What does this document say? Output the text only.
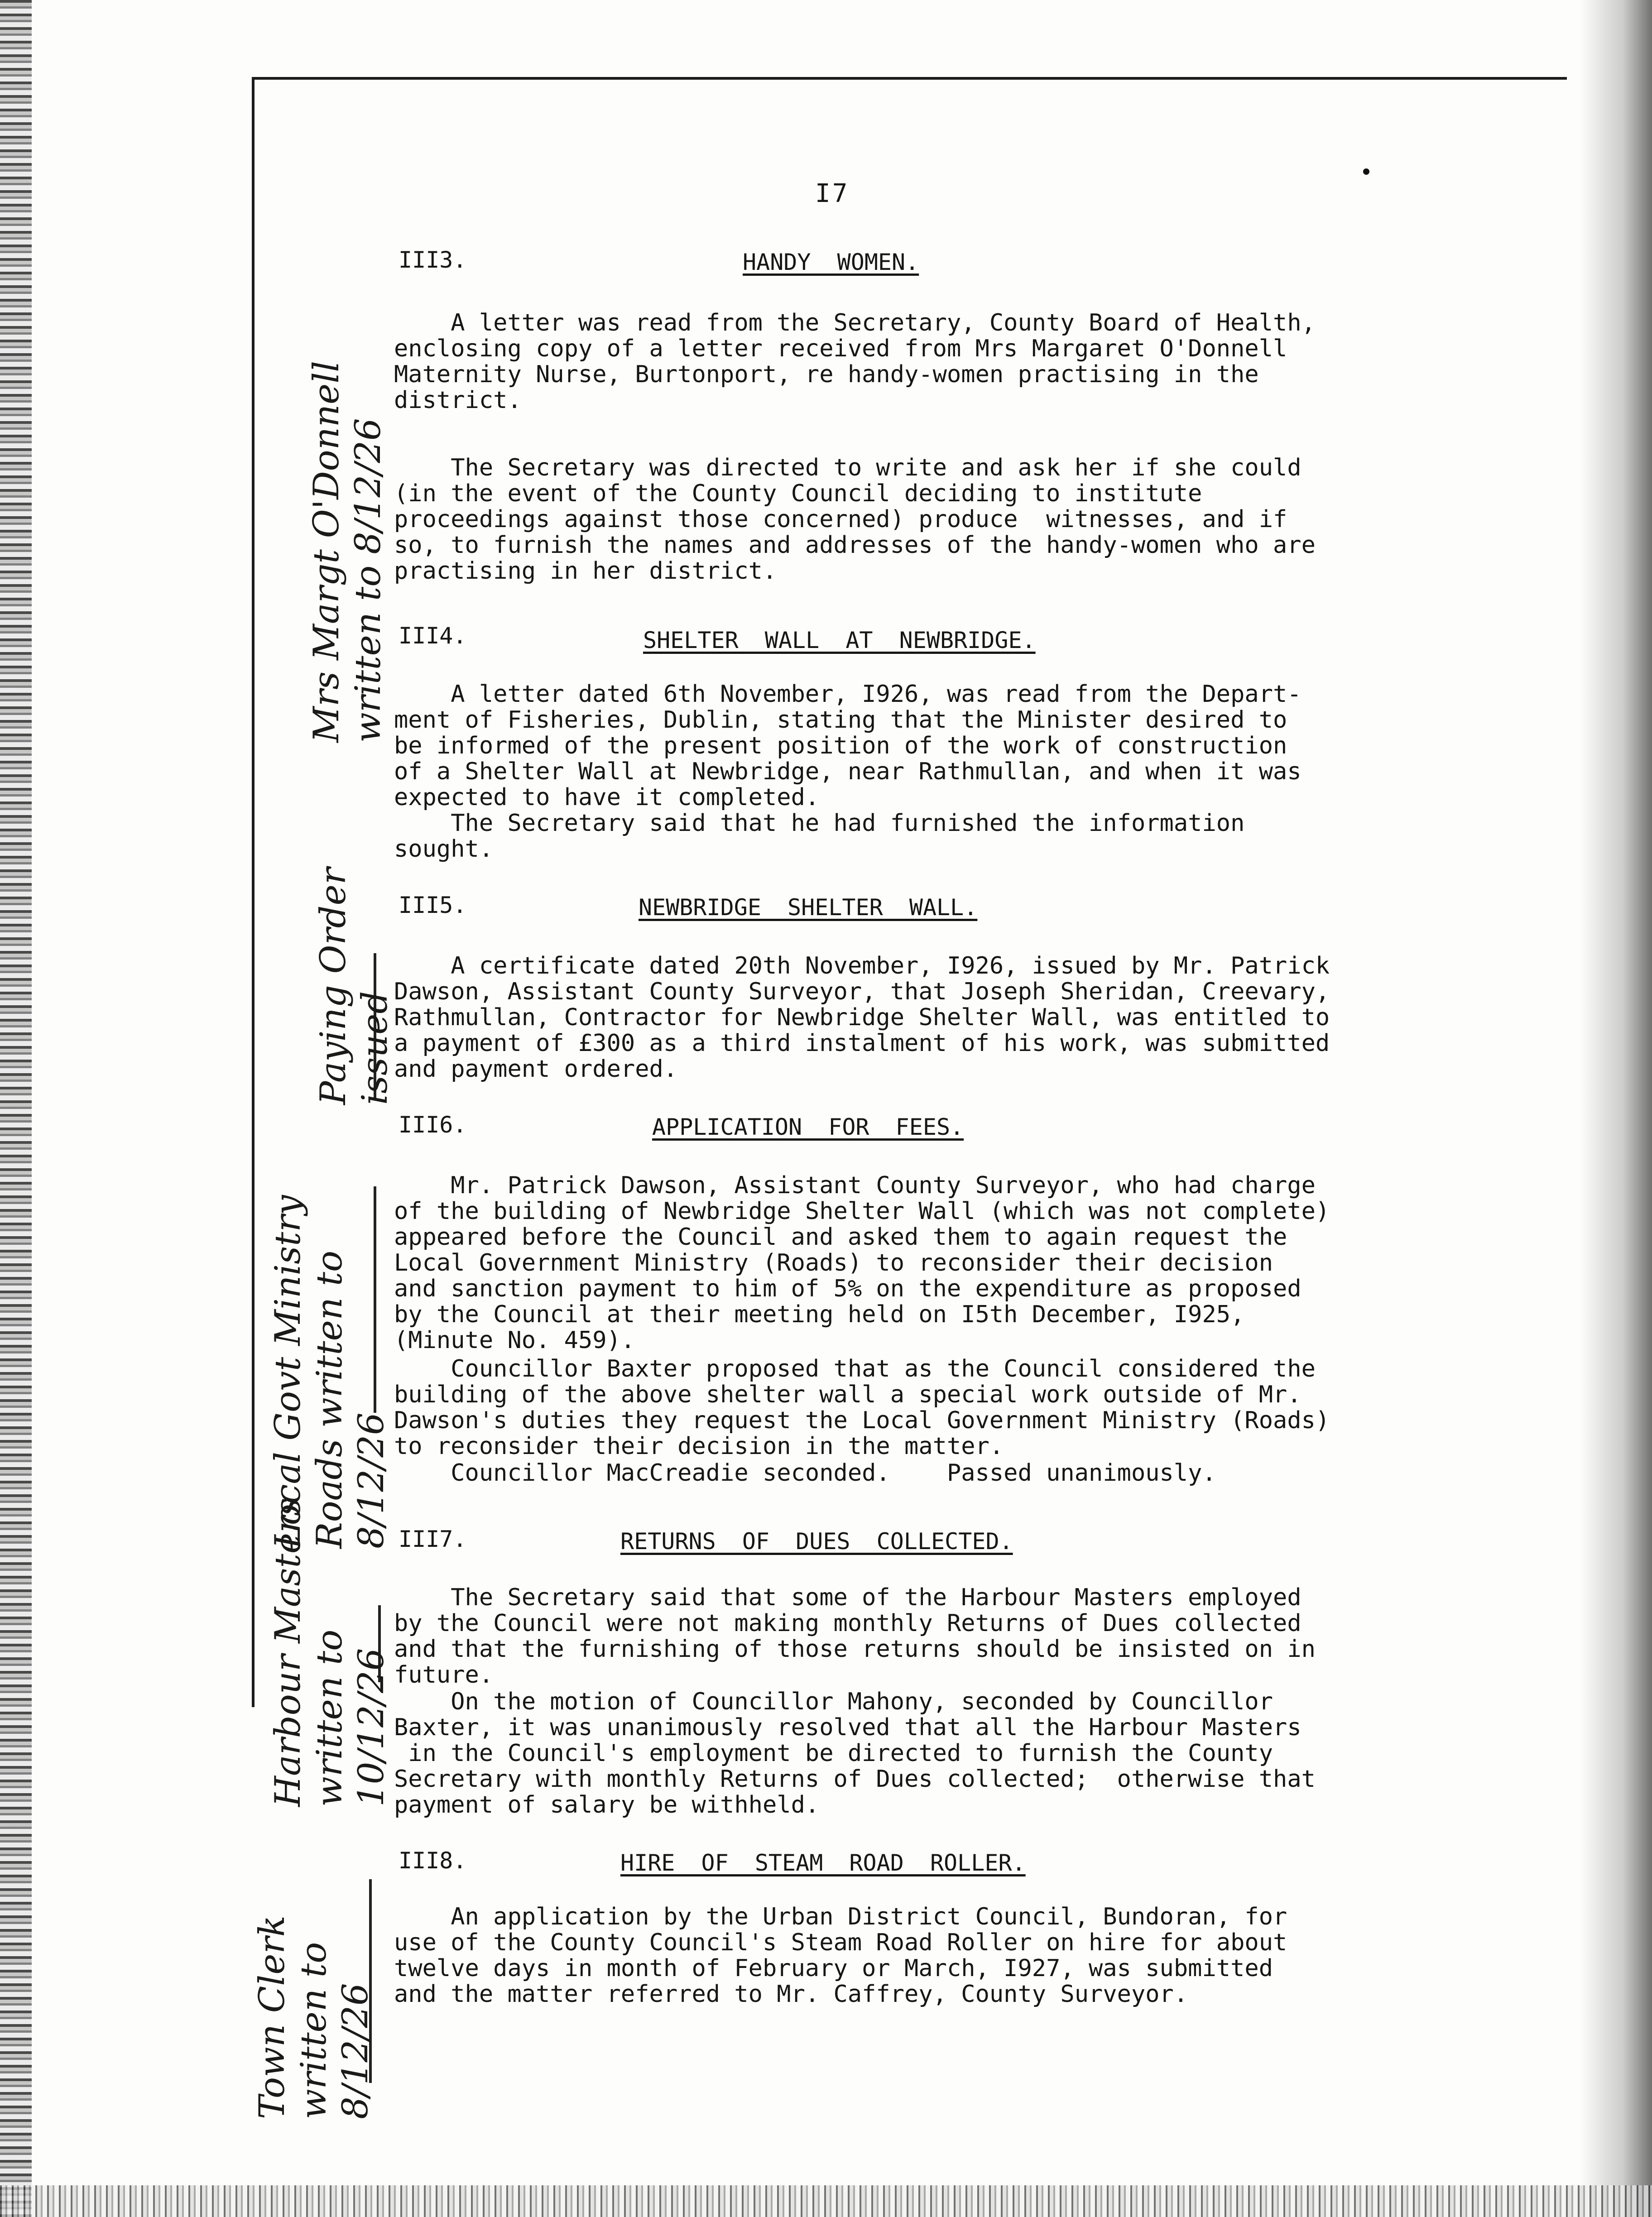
I7
III3.	HANDY WOMEN.
A letter was read from the Secretary, County Board of Health,
enclosing copy of a letter received from Mrs Margaret O'Donnell
Maternity Nurse, Burtonport, re handy-women practising in the
district.
The Secretary was directed to write and ask her if she could
(in the event of the County Council deciding to institute
proceedings against those concerned) produce  witnesses, and if
so, to furnish the names and addresses of the handy-women who are
practising in her district.
Mrs Margt O'Donnell
written to 8/12/26
III4.	SHELTER WALL AT NEWBRIDGE.
A letter dated 6th November, I926, was read from the Depart-
ment of Fisheries, Dublin, stating that the Minister desired to
be informed of the present position of the work of construction
of a Shelter Wall at Newbridge, near Rathmullan, and when it was
expected to have it completed.
The Secretary said that he had furnished the information
sought.
III5.	NEWBRIDGE SHELTER WALL.
A certificate dated 20th November, I926, issued by Mr. Patrick
Dawson, Assistant County Surveyor, that Joseph Sheridan, Creevary,
Rathmullan, Contractor for Newbridge Shelter Wall, was entitled to
a payment of £300 as a third instalment of his work, was submitted
and payment ordered.
Paying Order
issued
III6.	APPLICATION FOR FEES.
Mr. Patrick Dawson, Assistant County Surveyor, who had charge
of the building of Newbridge Shelter Wall (which was not complete)
appeared before the Council and asked them to again request the
Local Government Ministry (Roads) to reconsider their decision
and sanction payment to him of 5% on the expenditure as proposed
by the Council at their meeting held on I5th December, I925,
(Minute No. 459).
Councillor Baxter proposed that as the Council considered the
building of the above shelter wall a special work outside of Mr.
Dawson's duties they request the Local Government Ministry (Roads)
to reconsider their decision in the matter.
Councillor MacCreadie seconded.    Passed unanimously.
Local Govt Ministry
Roads written to
8/12/26 III7.	RETURNS OF DUES COLLECTED.
The Secretary said that some of the Harbour Masters employed
by the Council were not making monthly Returns of Dues collected
and that the furnishing of those returns should be insisted on in
future.
On the motion of Councillor Mahony, seconded by Councillor
Baxter, it was unanimously resolved that all the Harbour Masters
in the Council's employment be directed to furnish the County
Secretary with monthly Returns of Dues collected;  otherwise that
payment of salary be withheld.
Harbour Masters
written to
10/12/26
III8.	HIRE OF STEAM ROAD ROLLER.
An application by the Urban District Council, Bundoran, for
use of the County Council's Steam Road Roller on hire for about
twelve days in month of February or March, I927, was submitted
and the matter referred to Mr. Caffrey, County Surveyor.
Town Clerk
written to
8/12/26
